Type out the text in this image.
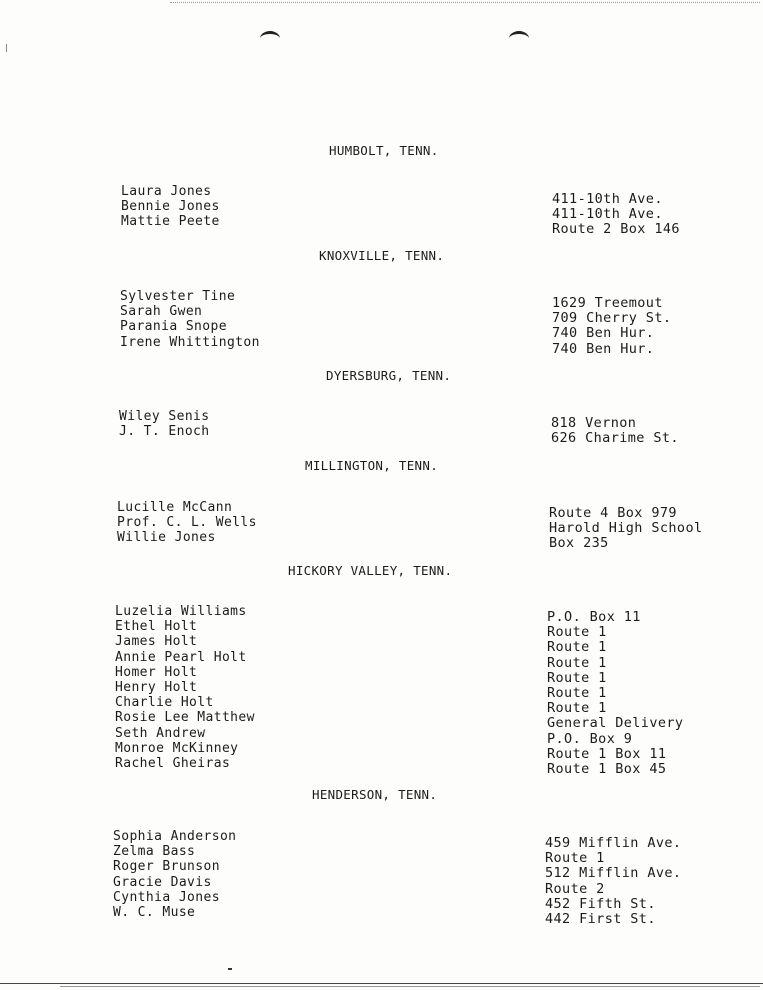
HUMBOLT, TENN.
Laura Jones
Bennie Jones
Mattie Peete
411-10th Ave.
411-10th Ave.
Route 2 Box 146
KNOXVILLE, TENN.
Sylvester Tine
Sarah Gwen
Parania Snope
Irene Whittington
1629 Treemout
709 Cherry St.
740 Ben Hur.
740 Ben Hur.
DYERSBURG, TENN.
Wiley Senis
J. T. Enoch
818 Vernon
626 Charime St.
MILLINGTON, TENN.
Lucille McCann
Prof. C. L. Wells
Willie Jones
Route 4 Box 979
Harold High School
Box 235
HICKORY VALLEY, TENN.
Luzelia Williams
Ethel Holt
James Holt
Annie Pearl Holt
Homer Holt
Henry Holt
Charlie Holt
Rosie Lee Matthew
Seth Andrew
Monroe McKinney
Rachel Gheiras
P.O. Box 11
Route 1
Route 1
Route 1
Route 1
Route 1
Route 1
General Delivery
P.O. Box 9
Route 1 Box 11
Route 1 Box 45
HENDERSON, TENN.
Sophia Anderson
Zelma Bass
Roger Brunson
Gracie Davis
Cynthia Jones
W. C. Muse
459 Mifflin Ave.
Route 1
512 Mifflin Ave.
Route 2
452 Fifth St.
442 First St.
